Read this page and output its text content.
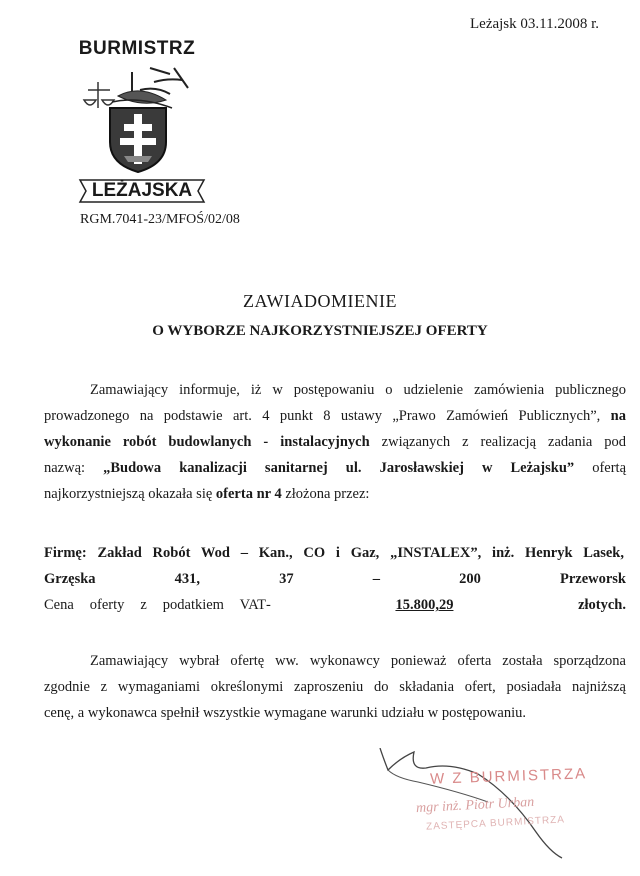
Leżajsk 03.11.2008 r.
BURMISTRZ
LEŻAJSKA
RGM.7041-23/MFOŚ/02/08
ZAWIADOMIENIE
O WYBORZE NAJKORZYSTNIEJSZEJ OFERTY
Zamawiający informuje, iż w postępowaniu o udzielenie zamówienia publicznego
prowadzonego na podstawie art. 4 punkt 8 ustawy „Prawo Zamówień Publicznych”, na
wykonanie robót budowlanych - instalacyjnych związanych z realizacją zadania pod
nazwą: „Budowa kanalizacji sanitarnej ul. Jarosławskiej w Leżajsku” ofertą
najkorzystniejszą okazała się oferta nr 4 złożona przez:
Firmę: Zakład Robót Wod – Kan., CO i Gaz, „INSTALEX”, inż. Henryk Lasek,
Grzęska 431, 37 – 200 Przeworsk
Cena oferty z podatkiem VAT- 15.800,29 złotych.
Zamawiający wybrał ofertę ww. wykonawcy ponieważ oferta została sporządzona
zgodnie z wymaganiami określonymi zaproszeniu do składania ofert, posiadała najniższą
cenę, a wykonawca spełnił wszystkie wymagane warunki udziału w postępowaniu.
W Z BURMISTRZA
mgr inż. Piotr Urban
ZASTĘPCA BURMISTRZA
